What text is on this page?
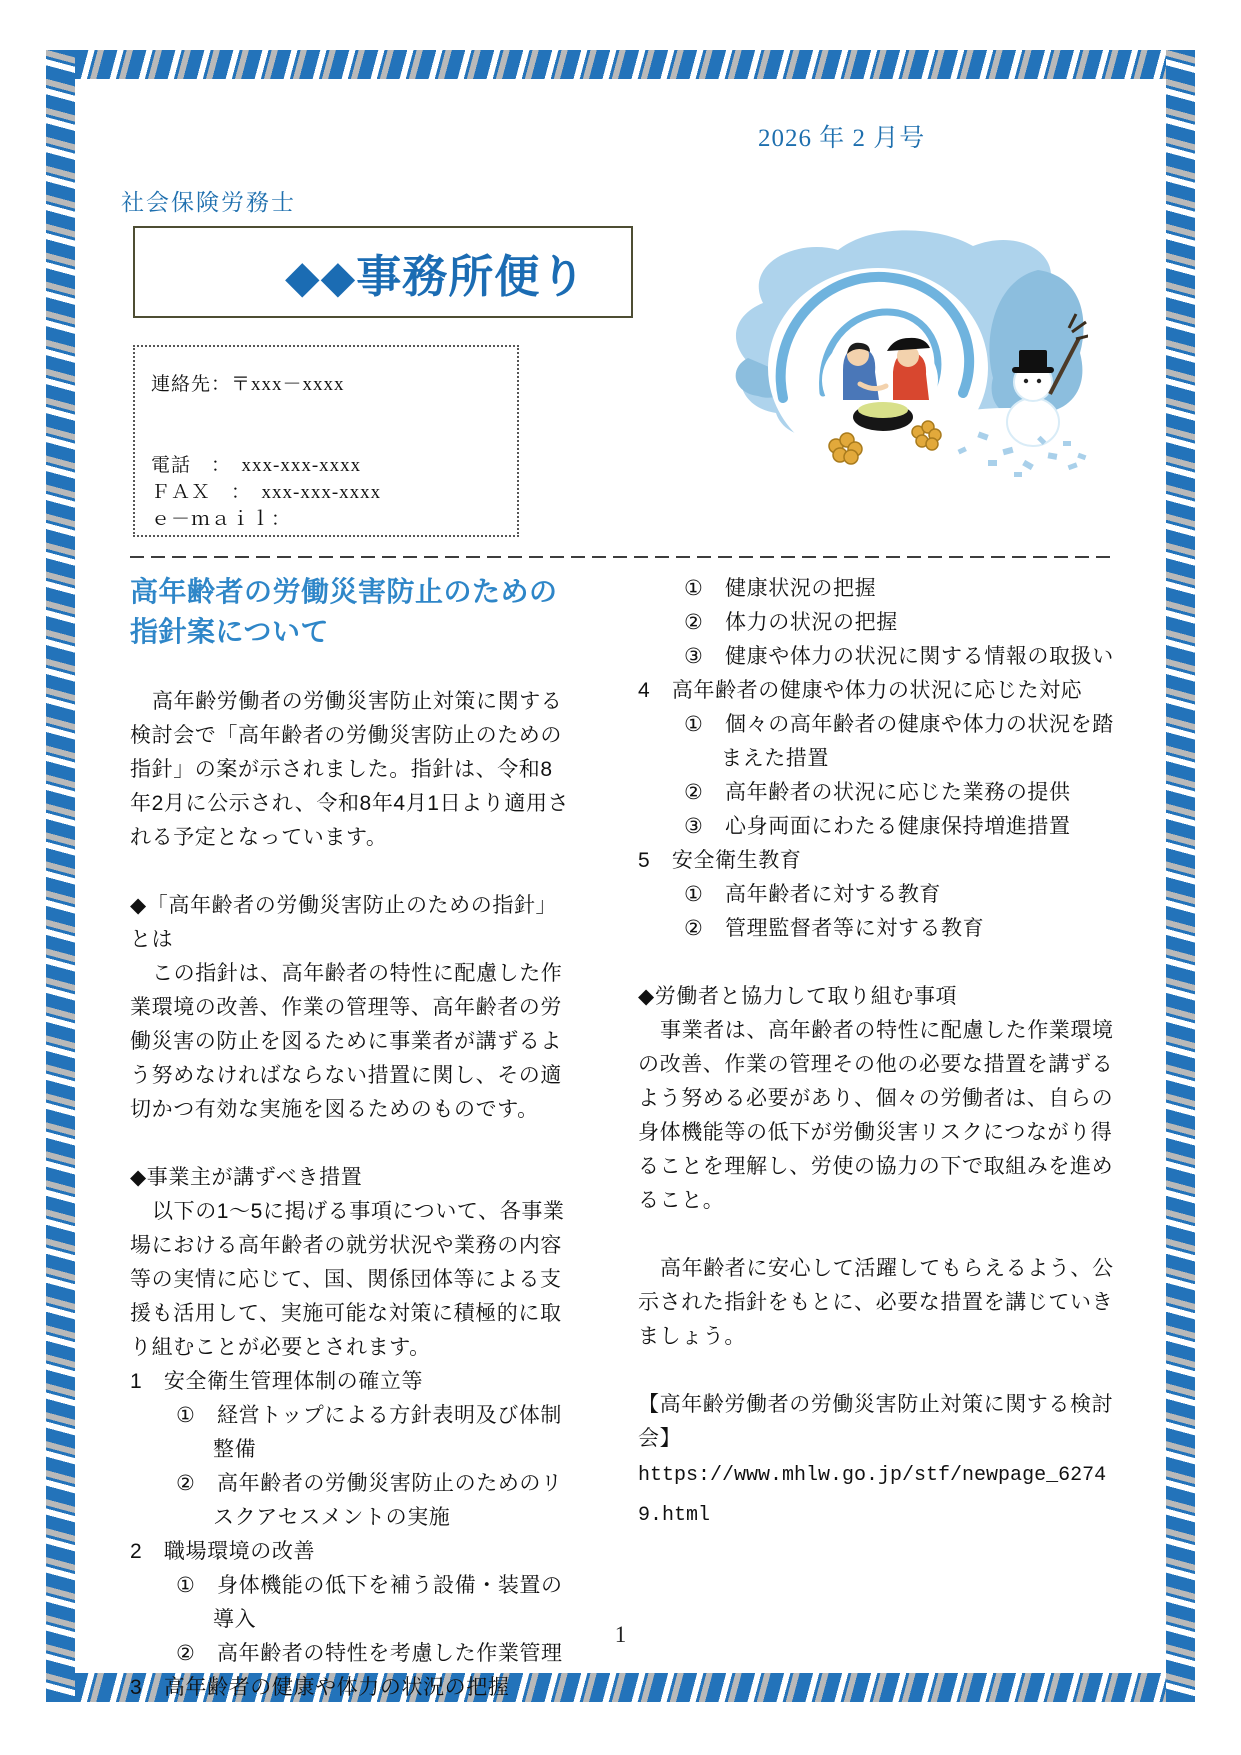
2026 年 2 月号
社会保険労務士
◆◆事務所便り
連絡先：〒xxx－xxxx

電話　：　xxx-xxx-xxxx
ＦＡＸ　：　xxx-xxx-xxxx
ｅ－ｍａｉｌ：
高年齢者の労働災害防止のための指針案について

高年齢労働者の労働災害防止対策に関する検討会で「高年齢者の労働災害防止のための指針」の案が示されました。指針は、令和8年2月に公示され、令和8年4月1日より適用される予定となっています。

◆「高年齢者の労働災害防止のための指針」とは

この指針は、高年齢者の特性に配慮した作業環境の改善、作業の管理等、高年齢者の労働災害の防止を図るために事業者が講ずるよう努めなければならない措置に関し、その適切かつ有効な実施を図るためのものです。

◆事業主が講ずべき措置

以下の1～5に掲げる事項について、各事業場における高年齢者の就労状況や業務の内容等の実情に応じて、国、関係団体等による支援も活用して、実施可能な対策に積極的に取り組むことが必要とされます。

1　安全衛生管理体制の確立等

①　経営トップによる方針表明及び体制整備

②　高年齢者の労働災害防止のためのリスクアセスメントの実施

2　職場環境の改善

①　身体機能の低下を補う設備・装置の導入

②　高年齢者の特性を考慮した作業管理

3　高年齢者の健康や体力の状況の把握

①　健康状況の把握

②　体力の状況の把握

③　健康や体力の状況に関する情報の取扱い

4　高年齢者の健康や体力の状況に応じた対応

①　個々の高年齢者の健康や体力の状況を踏まえた措置

②　高年齢者の状況に応じた業務の提供

③　心身両面にわたる健康保持増進措置

5　安全衛生教育

①　高年齢者に対する教育

②　管理監督者等に対する教育

◆労働者と協力して取り組む事項

事業者は、高年齢者の特性に配慮した作業環境の改善、作業の管理その他の必要な措置を講ずるよう努める必要があり、個々の労働者は、自らの身体機能等の低下が労働災害リスクにつながり得ることを理解し、労使の協力の下で取組みを進めること。

高年齢者に安心して活躍してもらえるよう、公示された指針をもとに、必要な措置を講じていきましょう。

【高年齢労働者の労働災害防止対策に関する検討会】

https://www.mhlw.go.jp/stf/newpage_62749.html

1
